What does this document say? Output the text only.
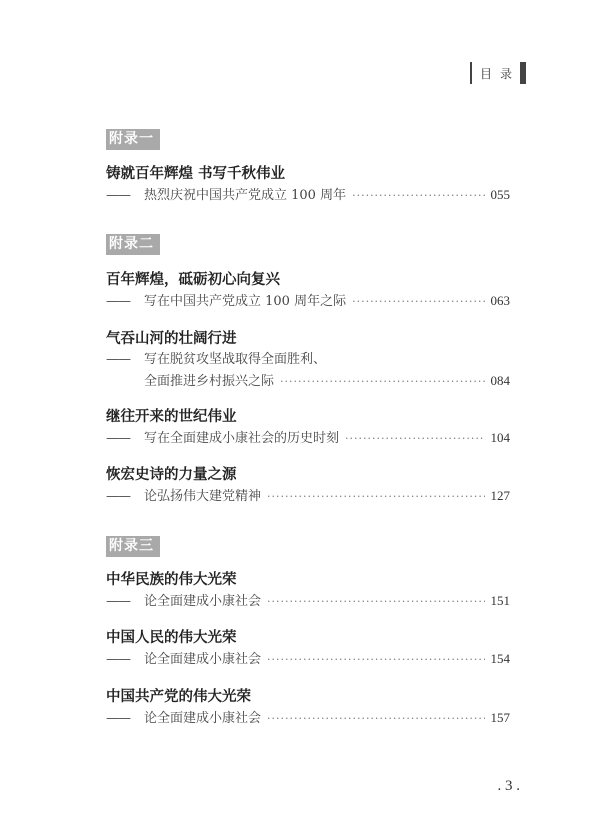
目录
附录一
铸就百年辉煌 书写千秋伟业
——	热烈庆祝中国共产党成立 100 周年 ·····	055
附录二
百年辉煌，砥砺初心向复兴
——	写在中国共产党成立 100 周年之际 ·····	063
气吞山河的壮阔行进
——	写在脱贫攻坚战取得全面胜利、
全面推进乡村振兴之际 ·····	084
继往开来的世纪伟业
——	写在全面建成小康社会的历史时刻 ·····	104
恢宏史诗的力量之源
——	论弘扬伟大建党精神 ·····	127
附录三
中华民族的伟大光荣
——	论全面建成小康社会 ·····	151
中国人民的伟大光荣
——	论全面建成小康社会 ·····	154
中国共产党的伟大光荣
——	论全面建成小康社会 ·····	157
. 3 .
